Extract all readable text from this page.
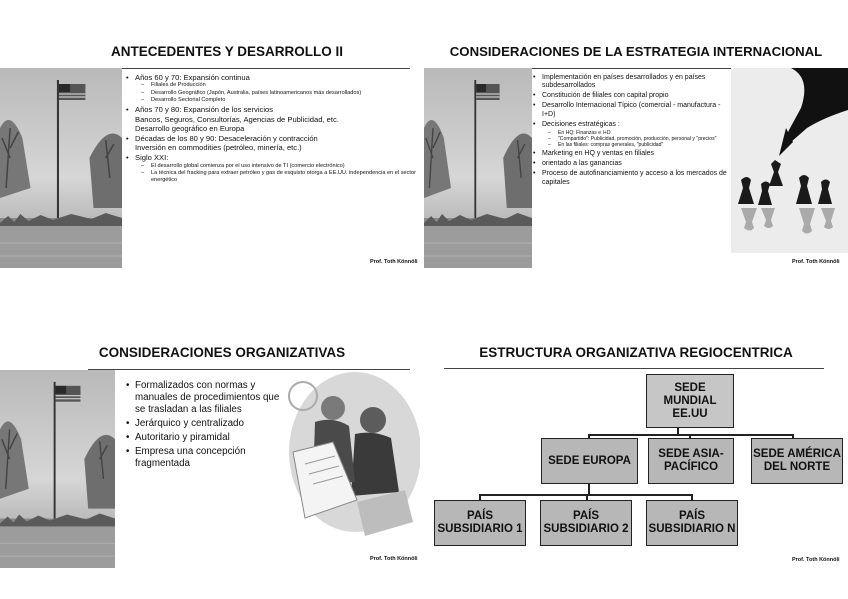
ANTECEDENTES Y DESARROLLO II
• Años 60 y 70: Expansión continua
– Filiales de Producción
– Desarrollo Geográfico (Japón, Australia, países latinoamericanos más desarrollados)
– Desarrollo Sectorial Completo
• Años 70 y 80: Expansión de los servicios
Bancos, Seguros, Consultorías, Agencias de Publicidad, etc.
Desarrollo geográfico en Europa
• Décadas de los 80 y 90: Desaceleración y contracción
Inversión en commodities (petróleo, minería, etc.)
• Siglo XXI:
– El desarrollo global comienza por el uso intensivo de TI (comercio electrónico)
– La técnica del fracking para extraer petróleo y gas de esquisto otorga a EE.UU. independencia en el sector energético
Prof. Toth Könnöli
CONSIDERACIONES DE LA ESTRATEGIA INTERNACIONAL
• Implementación en países desarrollados y en países subdesarrollados
• Constitución de filiales con capital propio
• Desarrollo Internacional Típico (comercial - manufactura - I+D)
• Decisiones estratégicas :
– En HQ: Finanzas e I+D
– "Compartido": Publicidad, promoción, producción, personal y "precios"
– En las filiales: compras generales, "publicidad"
• Marketing en HQ y ventas en filiales
• orientado a las ganancias
• Proceso de autofinanciamiento y acceso a los mercados de capitales
Prof. Toth Könnöli
CONSIDERACIONES ORGANIZATIVAS
• Formalizados con normas y manuales de procedimientos que se trasladan a las filiales
• Jerárquico y centralizado
• Autoritario y piramidal
• Empresa una concepción fragmentada
Prof. Toth Könnöli
ESTRUCTURA ORGANIZATIVA REGIOCENTRICA
SEDE MUNDIAL EE.UU
SEDE EUROPA
SEDE ASIA- PACÍFICO
SEDE AMÉRICA DEL NORTE
PAÍS SUBSIDIARIO 1
PAÍS SUBSIDIARIO 2
PAÍS SUBSIDIARIO N
Prof. Toth Könnöli
